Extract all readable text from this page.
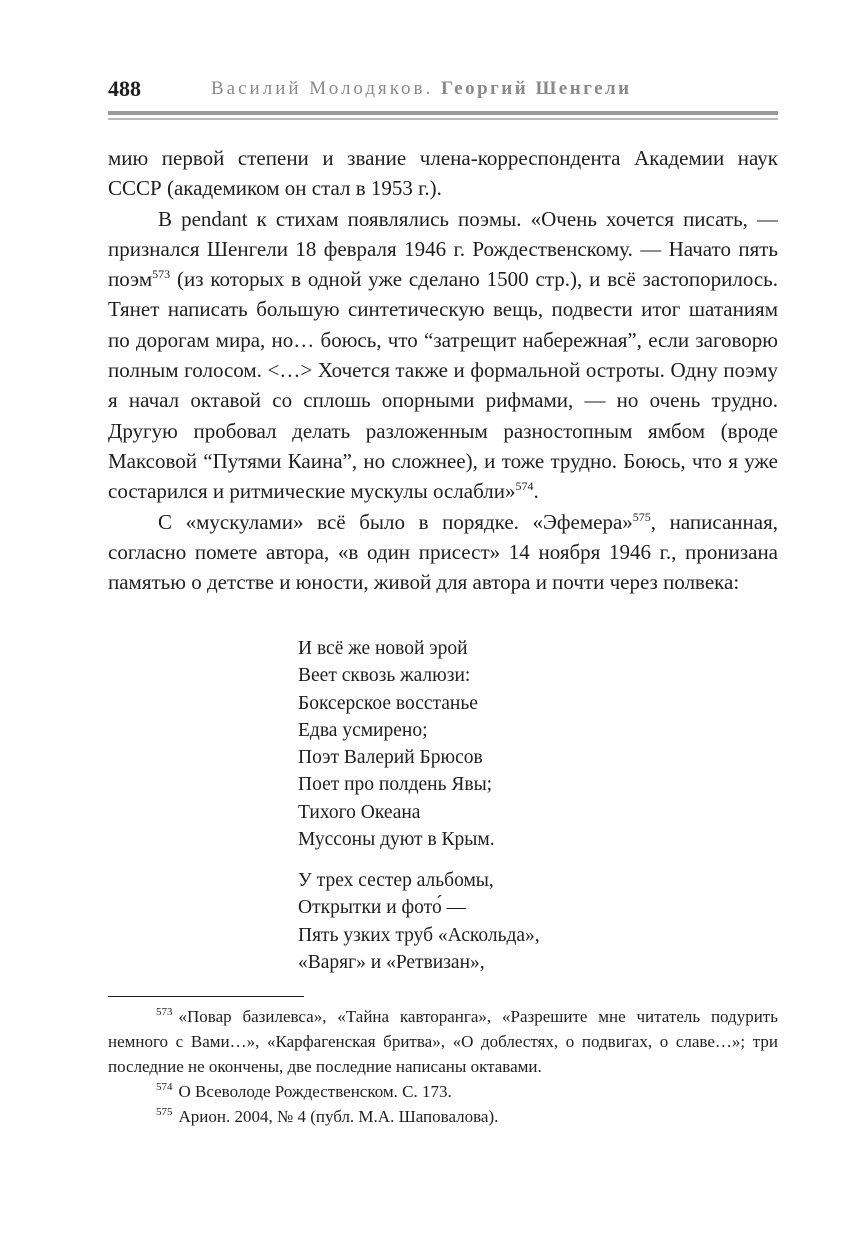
488	Василий Молодяков. Георгий Шенгели

мию первой степени и звание члена-корреспондента Академии наук СССР (академиком он стал в 1953 г.).

В pendant к стихам появлялись поэмы. «Очень хочется писать, — признался Шенгели 18 февраля 1946 г. Рождественскому. — Начато пять поэм$^{573}$ (из которых в одной уже сделано 1500 стр.), и всё застопорилось. Тянет написать большую синтетическую вещь, подвести итог шатаниям по дорогам мира, но… боюсь, что “затрещит набережная”, если заговорю полным голосом. <…> Хочется также и формальной остроты. Одну поэму я начал октавой со сплошь опорными рифмами, — но очень трудно. Другую пробовал делать разложенным разностопным ямбом (вроде Максовой “Путями Каина”, но сложнее), и тоже трудно. Боюсь, что я уже состарился и ритмические мускулы ослабли»$^{574}$.

С «мускулами» всё было в порядке. «Эфемера»$^{575}$, написанная, согласно помете автора, «в один присест» 14 ноября 1946 г., пронизана памятью о детстве и юности, живой для автора и почти через полвека:

И всё же новой эрой
Веет сквозь жалюзи:
Боксерское восстанье
Едва усмирено;
Поэт Валерий Брюсов
Поет про полдень Явы;
Тихого Океана
Муссоны дуют в Крым.
У трех сестер альбомы,
Открытки и фото́ —
Пять узких труб «Аскольда»,
«Варяг» и «Ретвизан»,

$^{573}$ «Повар базилевса», «Тайна кавторанга», «Разрешите мне читатель подурить немного с Вами…», «Карфагенская бритва», «О доблестях, о подвигах, о славе…»; три последние не окончены, две последние написаны октавами.

$^{574}$ О Всеволоде Рождественском. С. 173.

$^{575}$ Арион. 2004, № 4 (публ. М.А. Шаповалова).
